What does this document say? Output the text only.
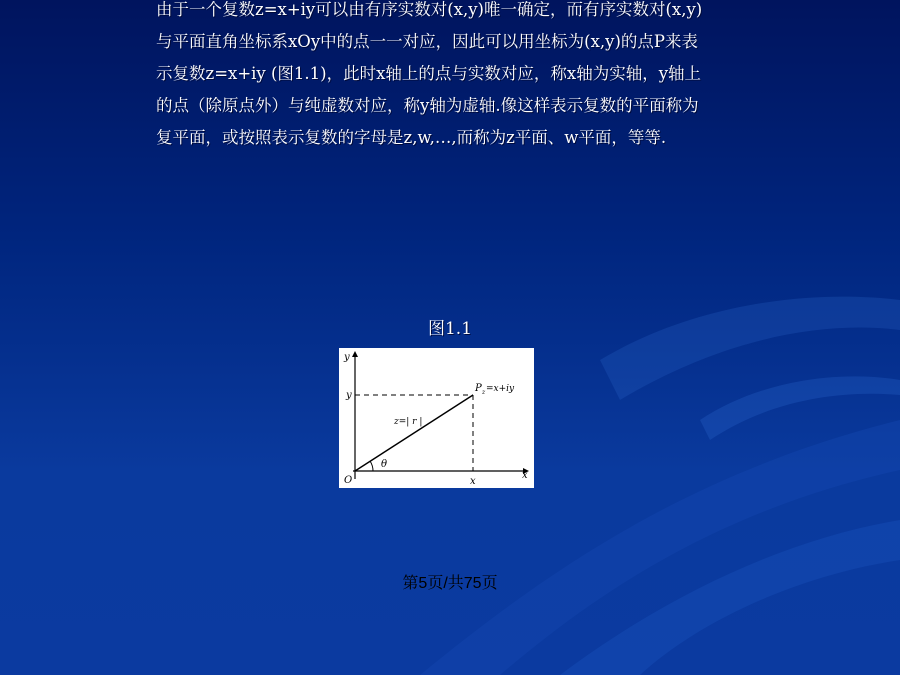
由于一个复数z=x+iy可以由有序实数对(x,y)唯一确定，而有序实数对(x,y)

与平面直角坐标系xOy中的点一一对应，因此可以用坐标为(x,y)的点P来表

示复数z=x+iy (图1.1)，此时x轴上的点与实数对应，称x轴为实轴，y轴上

的点（除原点外）与纯虚数对应，称y轴为虚轴.像这样表示复数的平面称为

复平面，或按照表示复数的字母是z,w,…,而称为z平面、w平面，等等.

图1.1
y
y
O	x
x
P z =x+iy
z=| r |
θ
第5页/共75页
